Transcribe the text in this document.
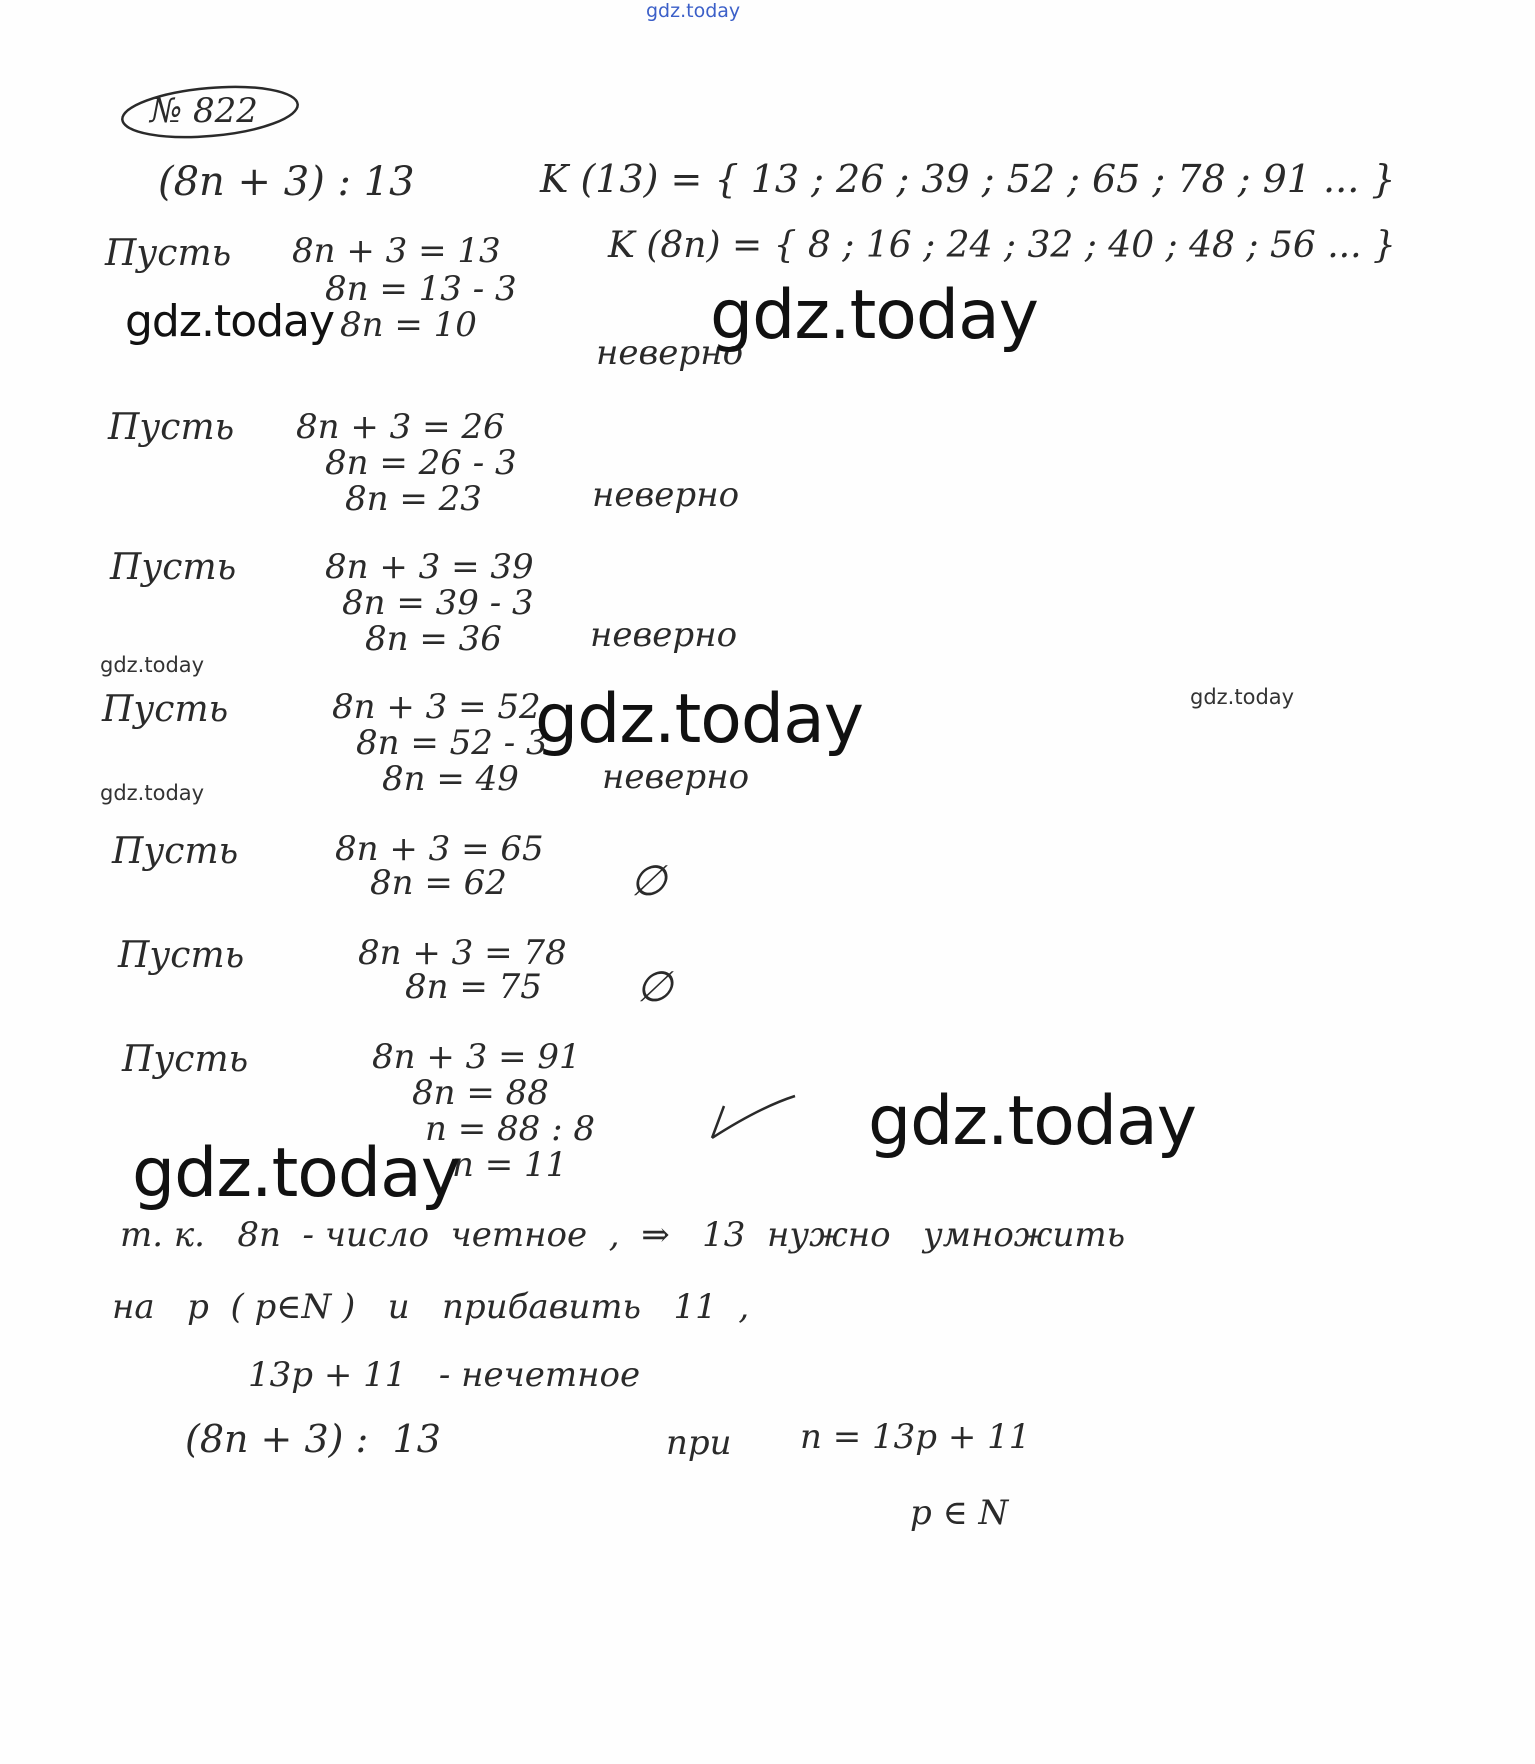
gdz.today
№ 822
(8n + 3) : 13	K (13) = { 13 ; 26 ; 39 ; 52 ; 65 ; 78 ; 91 ... }
K (8n) = { 8 ; 16 ; 24 ; 32 ; 40 ; 48 ; 56 ... }
Пусть 8n + 3 = 13
8n = 13 - 3
8n = 10
неверно
Пусть 8n + 3 = 26
8n = 26 - 3
8n = 23	неверно
Пусть	8n + 3 = 39
8n = 39 - 3
8n = 36	неверно
Пусть	8n + 3 = 52
8n = 52 - 3
8n = 49 неверно
Пусть	8n + 3 = 65
8n = 62	∅
Пусть	8n + 3 = 78
8n = 75 ∅
Пусть	8n + 3 = 91
8n = 88
n = 88 : 8
n = 11
т. к.   8n  - число  четное  ,  ⇒   13  нужно   умножить
на   p  ( p∈N )   и   прибавить   11  ,
13p + 11   - нечетное
(8n + 3) :  13	при n = 13p + 11
p ∈ N
gdz.today	gdz.today
gdz.today
gdz.today	gdz.today
gdz.today
gdz.today
gdz.today
